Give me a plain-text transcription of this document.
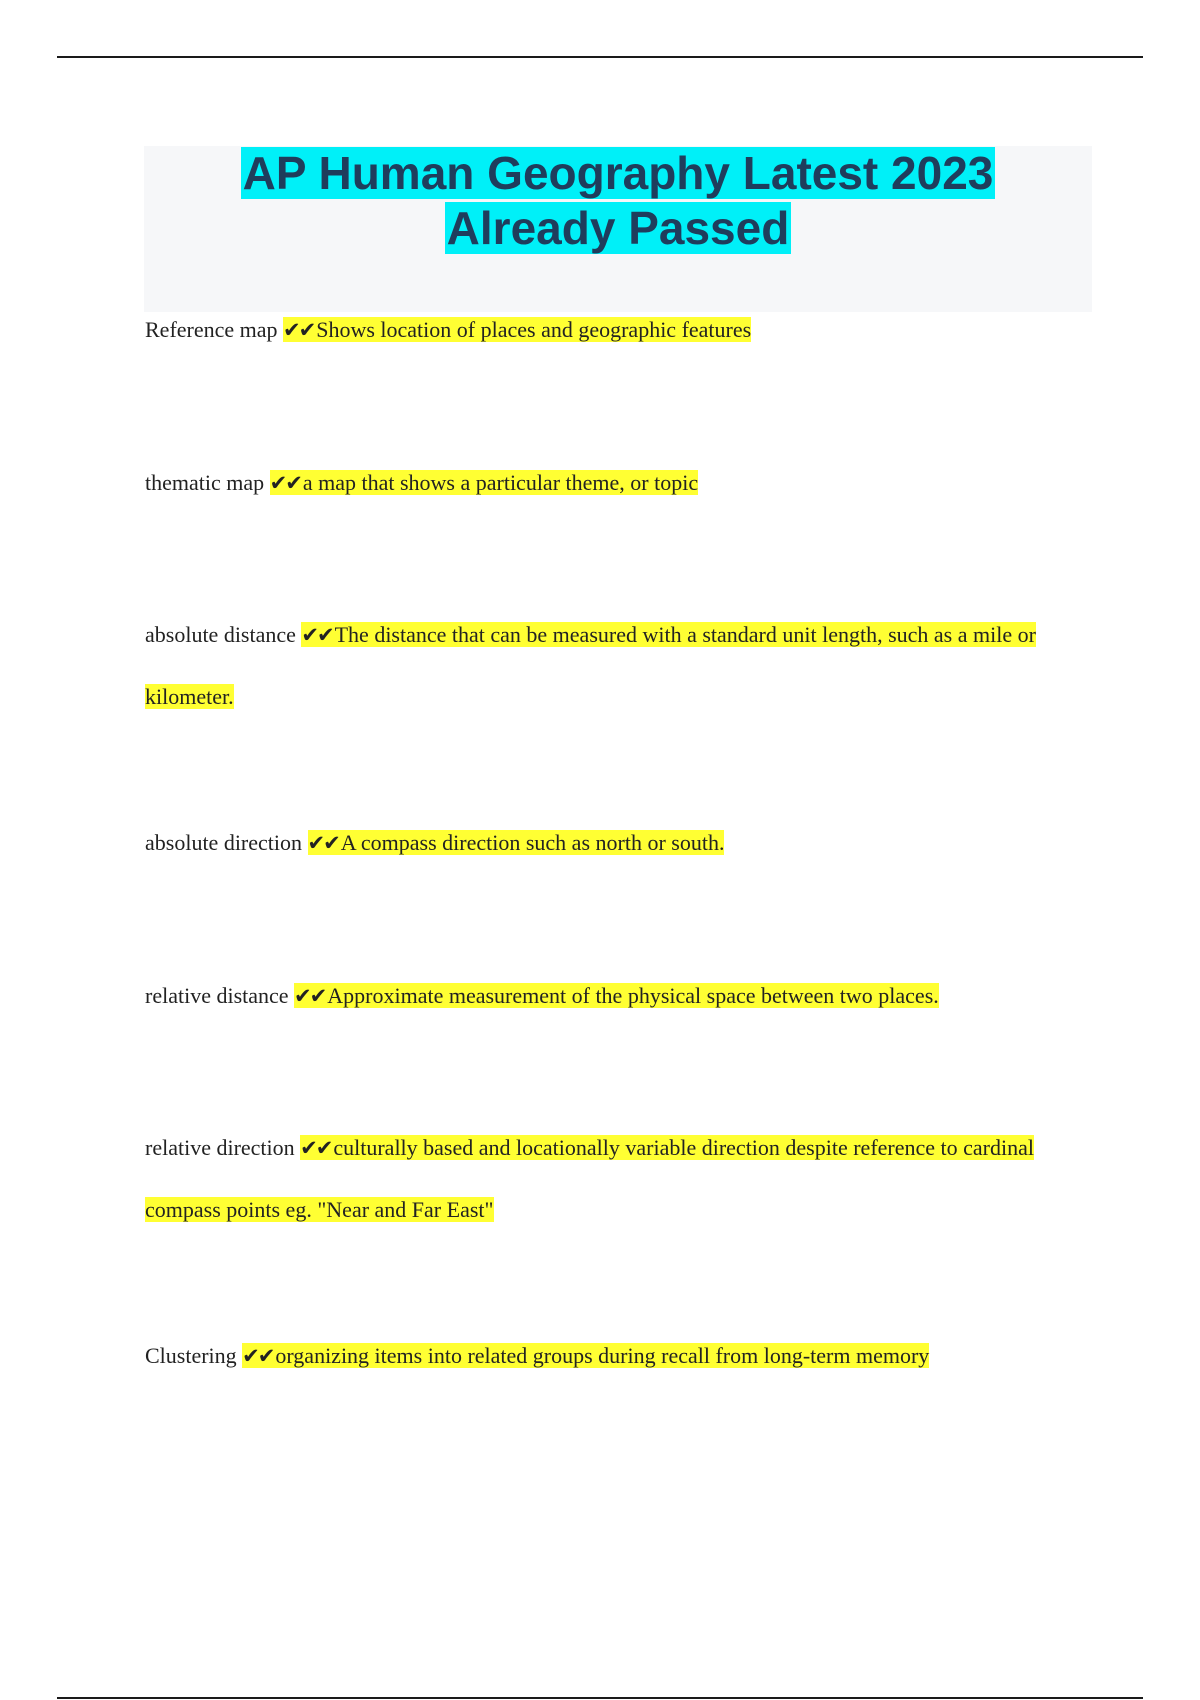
AP Human Geography Latest 2023
Already Passed

Reference map ✔✔Shows location of places and geographic features

thematic map ✔✔a map that shows a particular theme, or topic

absolute distance ✔✔The distance that can be measured with a standard unit length, such as a mile or kilometer.

absolute direction ✔✔A compass direction such as north or south.

relative distance ✔✔Approximate measurement of the physical space between two places.

relative direction ✔✔culturally based and locationally variable direction despite reference to cardinal compass points eg. "Near and Far East"

Clustering ✔✔organizing items into related groups during recall from long-term memory
